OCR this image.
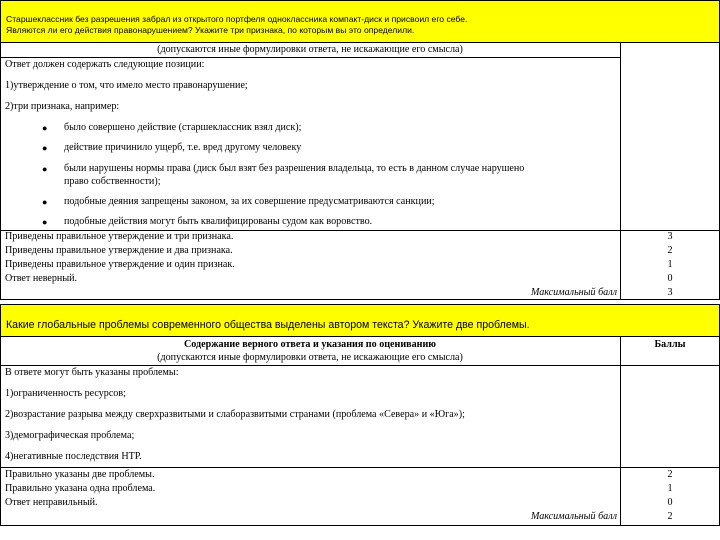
Старшеклассник без разрешения забрал из открытого портфеля одноклассника компакт-диск и присвоил его себе.
Являются ли его действия правонарушением? Укажите три признака, по которым вы это определили.
(допускаются иные формулировки ответа, не искажающие его смысла)
Ответ должен содержать следующие позиции:
1)утверждение о том, что имело место правонарушение;
2)три признака, например:
● было совершено действие (старшеклассник взял диск);
● действие причинило ущерб, т.е. вред другому человеку
● были нарушены нормы права (диск был взят без разрешения владельца, то есть в данном случае нарушено
право собственности);
● подобные деяния запрещены законом, за их совершение предусматриваются санкции;
● подобные действия могут быть квалифицированы судом как воровство.
Приведены правильное утверждение и три признака.	3
Приведены правильное утверждение и два признака.	2
Приведены правильное утверждение и один признак.	1
Ответ неверный.	0
Максимальный балл	3
Какие глобальные проблемы современного общества выделены автором текста? Укажите две проблемы.
Содержание верного ответа и указания по оцениванию
(допускаются иные формулировки ответа, не искажающие его смысла)
Баллы
В ответе могут быть указаны проблемы:
1)ограниченность ресурсов;
2)возрастание разрыва между сверхразвитыми и слаборазвитыми странами (проблема «Севера» и «Юга»);
3)демографическая проблема;
4)негативные последствия НТР.
Правильно указаны две проблемы.	2
Правильно указана одна проблема.	1
Ответ неправильный.	0
Максимальный балл	2
